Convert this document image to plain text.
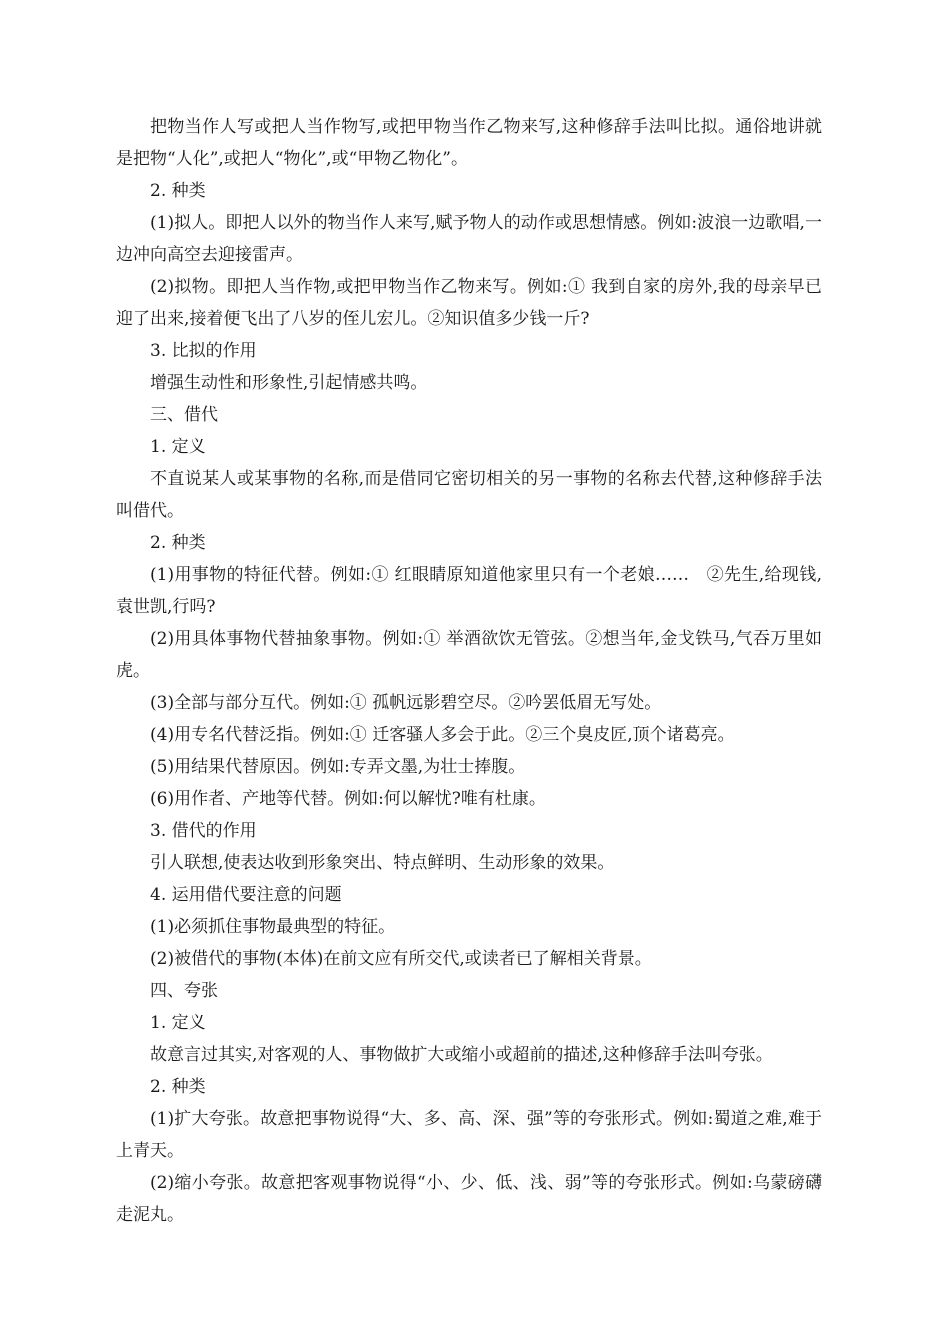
把物当作人写或把人当作物写,或把甲物当作乙物来写,这种修辞手法叫比拟。通俗地讲就是把物“人化”,或把人“物化”,或“甲物乙物化”。

2. 种类

(1)拟人。即把人以外的物当作人来写,赋予物人的动作或思想情感。例如:波浪一边歌唱,一边冲向高空去迎接雷声。

(2)拟物。即把人当作物,或把甲物当作乙物来写。例如:① 我到自家的房外,我的母亲早已迎了出来,接着便飞出了八岁的侄儿宏儿。②知识值多少钱一斤?

3. 比拟的作用

增强生动性和形象性,引起情感共鸣。

三、借代

1. 定义

不直说某人或某事物的名称,而是借同它密切相关的另一事物的名称去代替,这种修辞手法叫借代。

2. 种类

(1)用事物的特征代替。例如:① 红眼睛原知道他家里只有一个老娘……　②先生,给现钱,袁世凯,行吗?

(2)用具体事物代替抽象事物。例如:① 举酒欲饮无管弦。②想当年,金戈铁马,气吞万里如虎。

(3)全部与部分互代。例如:① 孤帆远影碧空尽。②吟罢低眉无写处。

(4)用专名代替泛指。例如:① 迁客骚人多会于此。②三个臭皮匠,顶个诸葛亮。

(5)用结果代替原因。例如:专弄文墨,为壮士捧腹。

(6)用作者、产地等代替。例如:何以解忧?唯有杜康。

3. 借代的作用

引人联想,使表达收到形象突出、特点鲜明、生动形象的效果。

4. 运用借代要注意的问题

(1)必须抓住事物最典型的特征。

(2)被借代的事物(本体)在前文应有所交代,或读者已了解相关背景。

四、夸张

1. 定义

故意言过其实,对客观的人、事物做扩大或缩小或超前的描述,这种修辞手法叫夸张。

2. 种类

(1)扩大夸张。故意把事物说得“大、多、高、深、强”等的夸张形式。例如:蜀道之难,难于上青天。

(2)缩小夸张。故意把客观事物说得“小、少、低、浅、弱”等的夸张形式。例如:乌蒙磅礴走泥丸。
